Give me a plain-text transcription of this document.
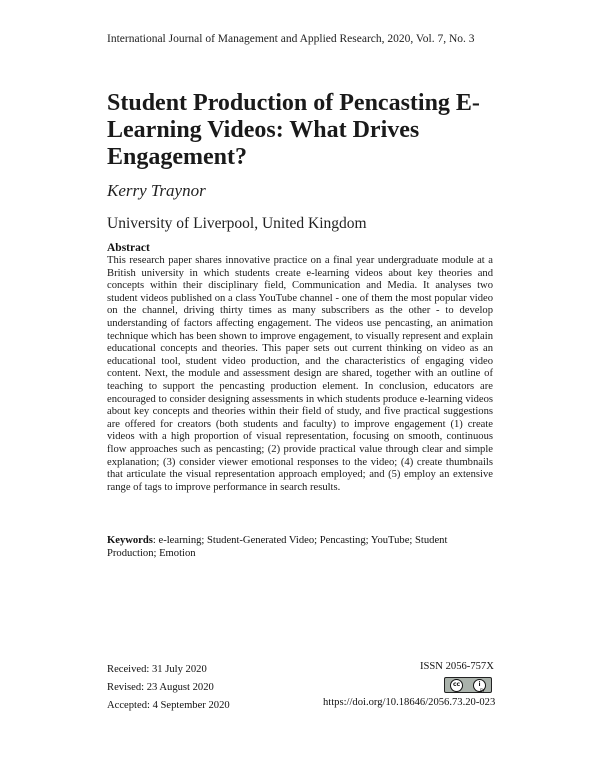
International Journal of Management and Applied Research, 2020, Vol. 7, No. 3
Student Production of Pencasting E-Learning Videos: What Drives Engagement?
Kerry Traynor
University of Liverpool, United Kingdom
Abstract

This research paper shares innovative practice on a final year undergraduate module at a British university in which students create e-learning videos about key theories and concepts within their disciplinary field, Communication and Media. It analyses two student videos published on a class YouTube channel - one of them the most popular video on the channel, driving thirty times as many subscribers as the other - to develop understanding of factors affecting engagement. The videos use pencasting, an animation technique which has been shown to improve engagement, to visually represent and explain educational concepts and theories. This paper sets out current thinking on video as an educational tool, student video production, and the characteristics of engaging video content. Next, the module and assessment design are shared, together with an outline of teaching to support the pencasting production element. In conclusion, educators are encouraged to consider designing assessments in which students produce e-learning videos about key concepts and theories within their field of study, and five practical suggestions are offered for creators (both students and faculty) to improve engagement (1) create videos with a high proportion of visual representation, focusing on smooth, continuous flow approaches such as pencasting; (2) provide practical value through clear and simple explanation; (3) consider viewer emotional responses to the video; (4) create thumbnails that articulate the visual representation approach employed; and (5) employ an extensive range of tags to improve performance in search results.

Keywords: e-learning; Student-Generated Video; Pencasting; YouTube; Student Production; Emotion

Received: 31 July 2020
Revised: 23 August 2020
Accepted: 4 September 2020
ISSN 2056-757X
cc	i
BY
https://doi.org/10.18646/2056.73.20-023
